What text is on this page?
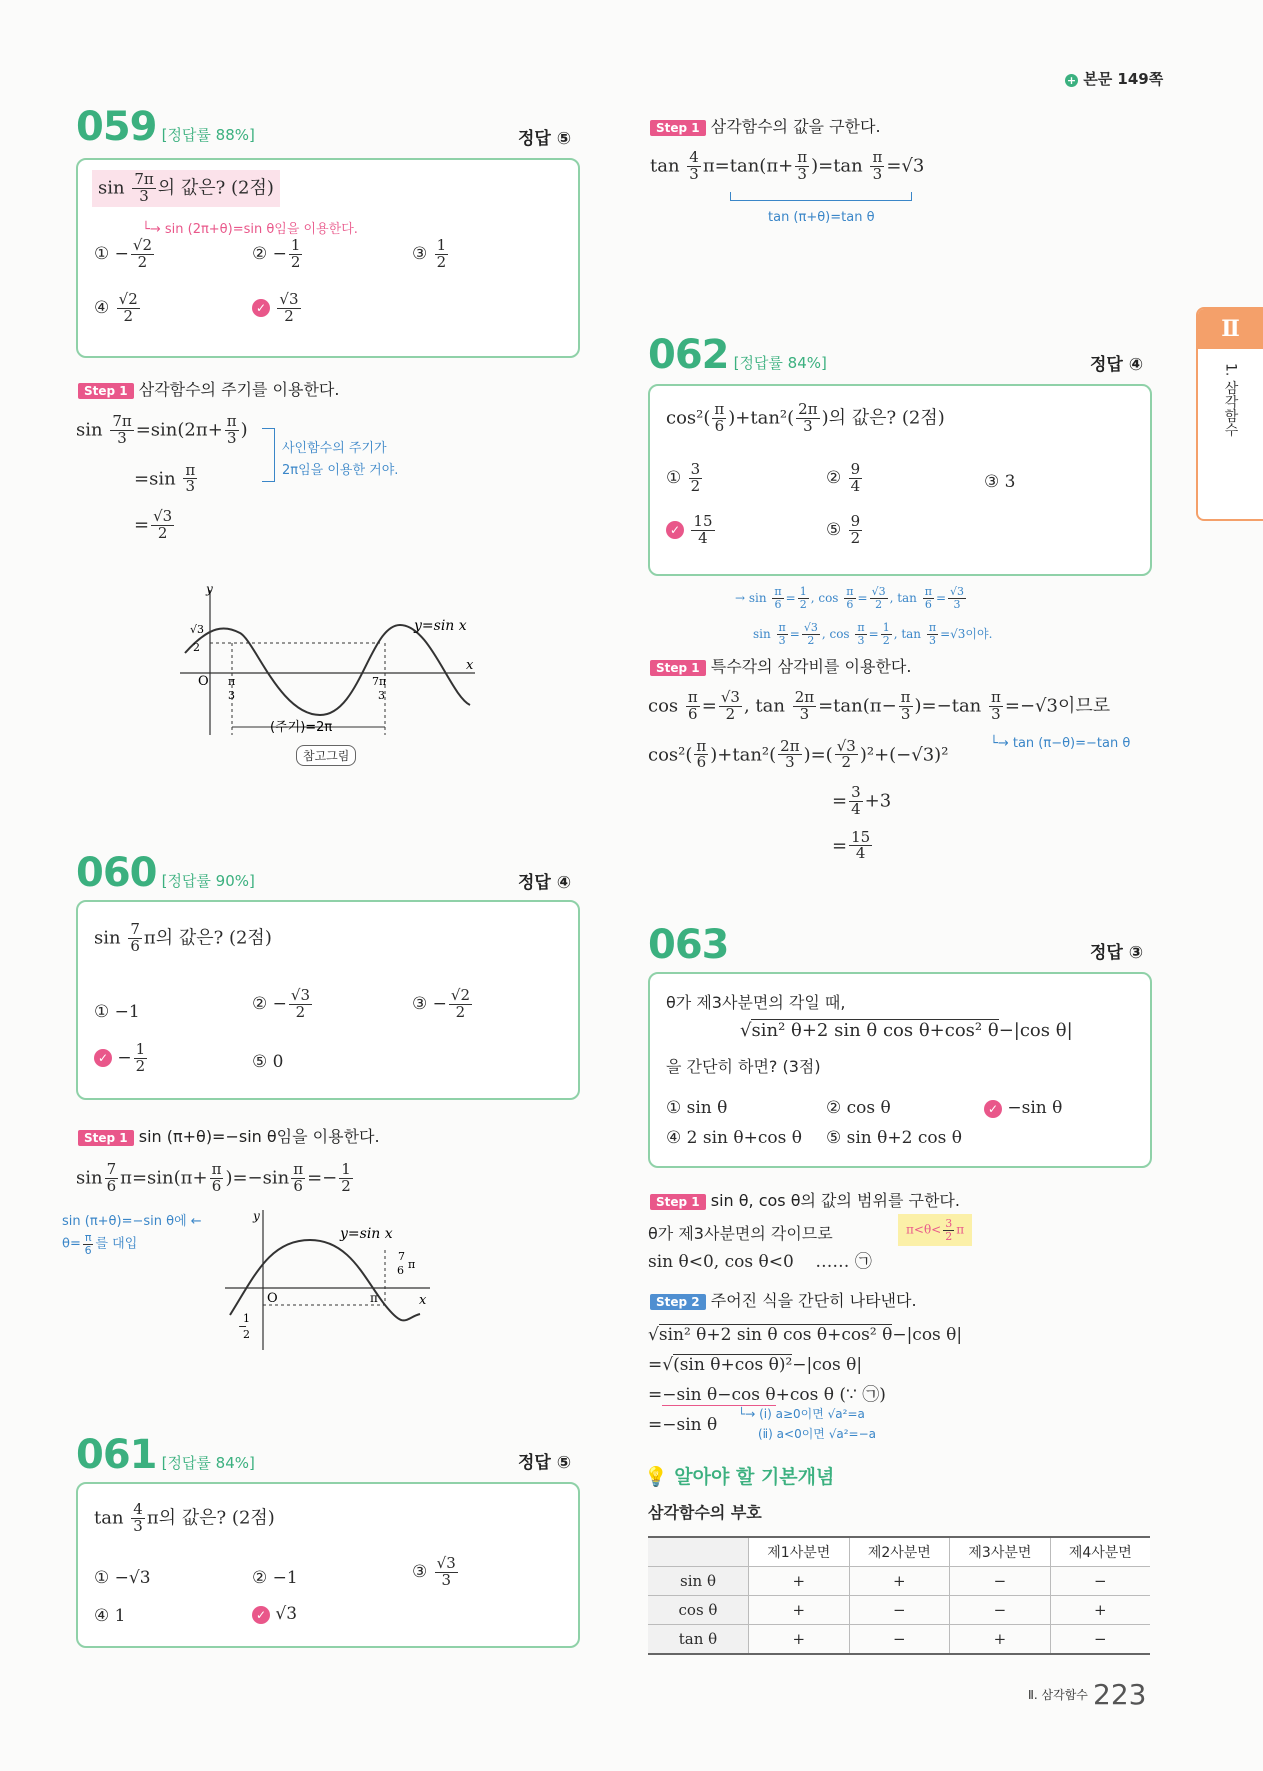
+ 본문 149쪽
Ⅱ
1. 삼각함수
059 [정답률 88%]	정답 ⑤
$\sin \frac{7\pi}{3}$ 의 값은? (2점)
└→ sin (2π+θ)=sin θ임을 이용한다.
① − $\frac{√2}{2}$	② − $\frac{1}{2}$	③ $\frac{1}{2}$
④ $\frac{√2}{2}$	✓ $\frac{√3}{2}$
Step 1 삼각함수의 주기를 이용한다.
$\sin \frac{7\pi}{3} =\sin(2\pi+ \frac{\pi}{3}$ )
$=\sin \frac{\pi}{3}$
= $\frac{√3}{2}$
사인함수의 주기가
2π임을 이용한 거야.
y
x
O
√3
2
π
3
7π
3
y=sin x
. (주기)=2π
참고그림
060 [정답률 90%]	정답 ④
$\sin \frac{7}{6}$ π의 값은? (2점)
① −1	② − $\frac{√3}{2}$	③ − $\frac{√2}{2}$
✓ − $\frac{1}{2}$	⑤ 0
Step 1 sin (π+θ)=−sin θ임을 이용한다.
$\sin \frac{7}{6} \pi=\sin(\pi+ \frac{\pi}{6} )=-\sin \frac{\pi}{6} =- \frac{1}{2}$
sin (π+θ)=−sin θ에 ←
$\theta= \frac{\pi}{6}$ 를 대입
y
x
O	π
7
6 π
1
−
2
y=sin x
061 [정답률 84%]	정답 ⑤
$\tan \frac{4}{3}$ π의 값은? (2점)
① −√3	② −1	③ $\frac{√3}{3}$
④ 1	✓ √3
Step 1 삼각함수의 값을 구한다.
$\tan \frac{4}{3} \pi=\tan(\pi+ \frac{\pi}{3} )=\tan \frac{\pi}{3} =√3$
tan (π+θ)=tan θ
062 [정답률 84%]	정답 ④
$\cos^2( \frac{\pi}{6} )+\tan^2( \frac{2\pi}{3}$ )의 값은? (2점)
① $\frac{3}{2}$	② $\frac{9}{4}$	③ 3
✓ $\frac{15}{4}$	⑤ $\frac{9}{2}$
→ $\sin \frac{\pi}{6} = \frac{1}{2}$ , $\cos \frac{\pi}{6} = \frac{√3}{2}$ , $\tan \frac{\pi}{6} = \frac{√3}{3}$
$\sin \frac{\pi}{3} = \frac{√3}{2}$ , $\cos \frac{\pi}{3} = \frac{1}{2}$ , $\tan \frac{\pi}{3} =√3$이야.
Step 1 특수각의 삼각비를 이용한다.
$\cos \frac{\pi}{6} = \frac{√3}{2}$ , $\tan \frac{2\pi}{3} =\tan(\pi- \frac{\pi}{3} )=-\tan \frac{\pi}{3} =-√3$이므로
$\cos^2( \frac{\pi}{6} )+\tan^2( \frac{2\pi}{3}$ )=( $\frac{√3}{2} )^2+(-√3)^2$
= $\frac{3}{4} +3$
= $\frac{15}{4}$
└→ tan (π−θ)=−tan θ
063	정답 ③
θ가 제3사분면의 각일 때,
√sin² θ+2 sin θ cos θ+cos² θ−|cos θ|
을 간단히 하면? (3점)
① sin θ	② cos θ	✓ −sin θ
④ 2 sin θ+cos θ ⑤ sin θ+2 cos θ
Step 1 sin θ, cos θ의 값의 범위를 구한다.
θ가 제3사분면의 각이므로
sin θ<0, cos θ<0 …… ㉠
$\pi<\theta< \frac{3}{2}$ π
Step 2 주어진 식을 간단히 나타낸다.
√sin² θ+2 sin θ cos θ+cos² θ−|cos θ|
=√(sin θ+cos θ)²−|cos θ|
=−sin θ−cos θ+cos θ (∵ ㉠)
=−sin θ
└→ (ⅰ) a≥0이면 √a²=a
(ⅱ) a<0이면 √a²=−a
💡 알아야 할 기본개념
삼각함수의 부호
	제1사분면	제2사분면	제3사분면	제4사분면
sin θ	+	+	−	−
cos θ	+	−	−	+
tan θ	+	−	+	−
Ⅱ. 삼각함수 223
